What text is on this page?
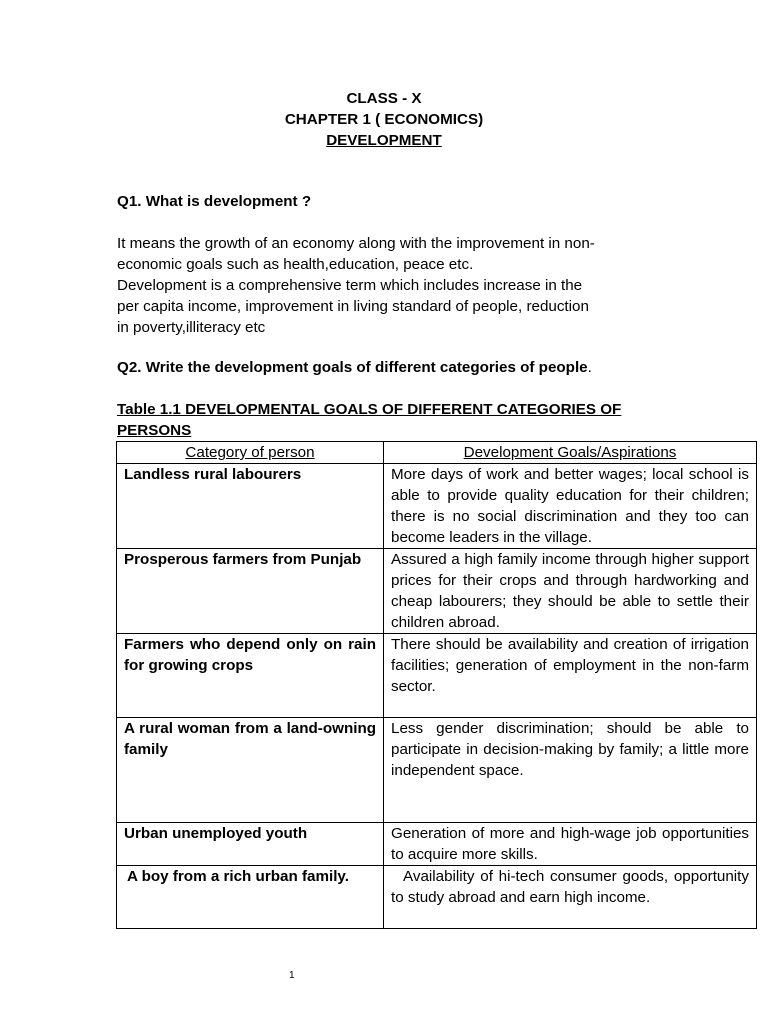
CLASS - X
CHAPTER 1 ( ECONOMICS)
DEVELOPMENT
Q1. What is development ?
It means the growth of an economy along with the improvement in non-
economic goals such as health,education, peace etc.
Development is a comprehensive term which includes increase in the
per capita income, improvement in living standard of people, reduction
in poverty,illiteracy etc
Q2. Write the development goals of different categories of people.
Table 1.1 DEVELOPMENTAL GOALS OF DIFFERENT CATEGORIES OF PERSONS
Category of person	Development Goals/Aspirations
Landless rural labourers	More days of work and better wages; local school is able to provide quality education for their children; there is no social discrimination and they too can become leaders in the village.
Prosperous farmers from Punjab	Assured a high family income through higher support prices for their crops and through hardworking and cheap labourers; they should be able to settle their children abroad.
Farmers who depend only on rain for growing crops	There should be availability and creation of irrigation facilities; generation of employment in the non-farm sector.
A rural woman from a land-owning family	Less gender discrimination; should be able to participate in decision-making by family; a little more independent space.
Urban unemployed youth	Generation of more and high-wage job opportunities to acquire more skills.
A boy from a rich urban family.	Availability of hi-tech consumer goods, opportunity to study abroad and earn high income.
1
